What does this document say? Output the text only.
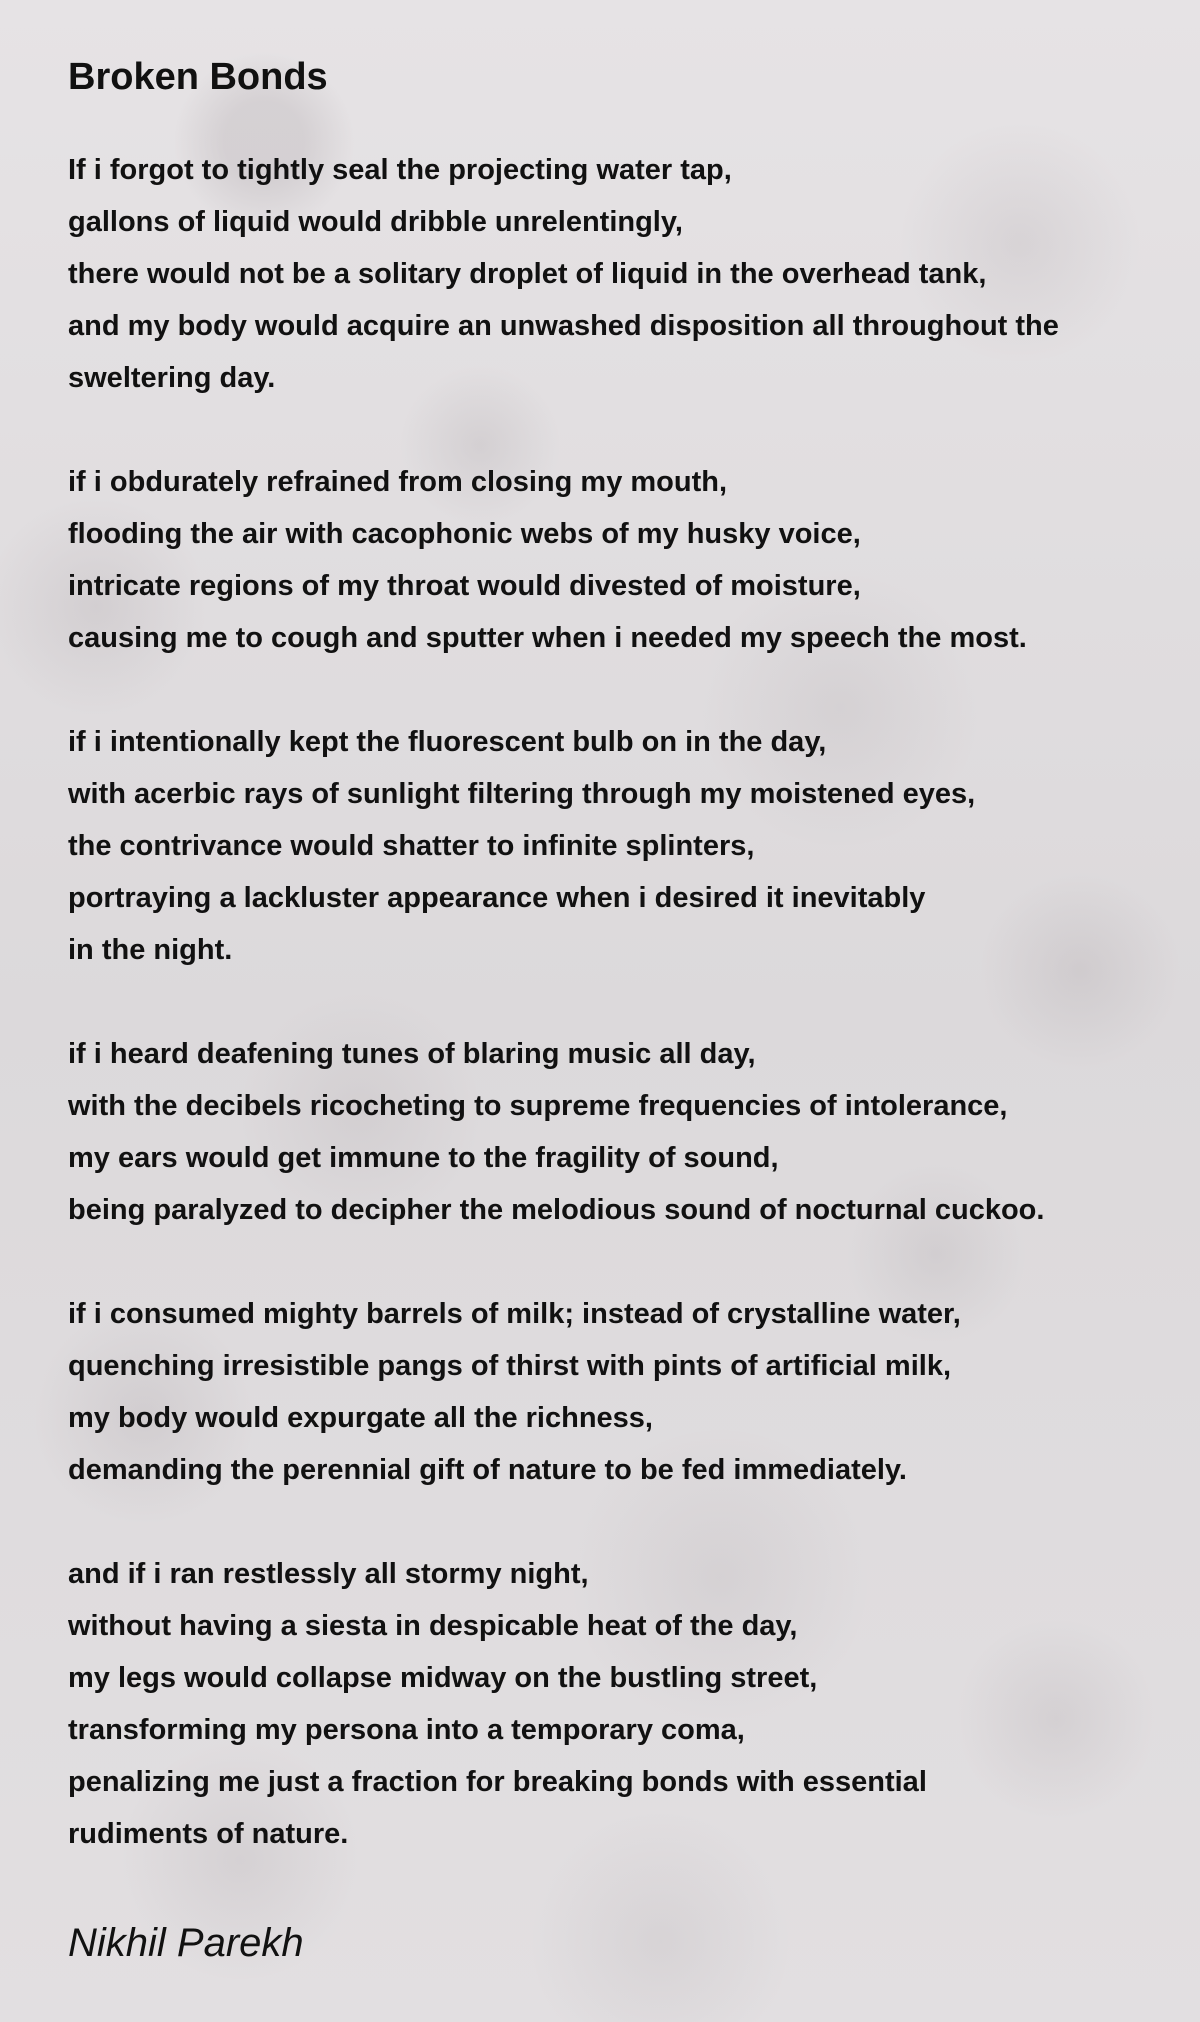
Broken Bonds
If i forgot to tightly seal the projecting water tap,
gallons of liquid would dribble unrelentingly,
there would not be a solitary droplet of liquid in the overhead tank,
and my body would acquire an unwashed disposition all throughout the
sweltering day.
if i obdurately refrained from closing my mouth,
flooding the air with cacophonic webs of my husky voice,
intricate regions of my throat would divested of moisture,
causing me to cough and sputter when i needed my speech the most.
if i intentionally kept the fluorescent bulb on in the day,
with acerbic rays of sunlight filtering through my moistened eyes,
the contrivance would shatter to infinite splinters,
portraying a lackluster appearance when i desired it inevitably
in the night.
if i heard deafening tunes of blaring music all day,
with the decibels ricocheting to supreme frequencies of intolerance,
my ears would get immune to the fragility of sound,
being paralyzed to decipher the melodious sound of nocturnal cuckoo.
if i consumed mighty barrels of milk; instead of crystalline water,
quenching irresistible pangs of thirst with pints of artificial milk,
my body would expurgate all the richness,
demanding the perennial gift of nature to be fed immediately.
and if i ran restlessly all stormy night,
without having a siesta in despicable heat of the day,
my legs would collapse midway on the bustling street,
transforming my persona into a temporary coma,
penalizing me just a fraction for breaking bonds with essential
rudiments of nature.
Nikhil Parekh
